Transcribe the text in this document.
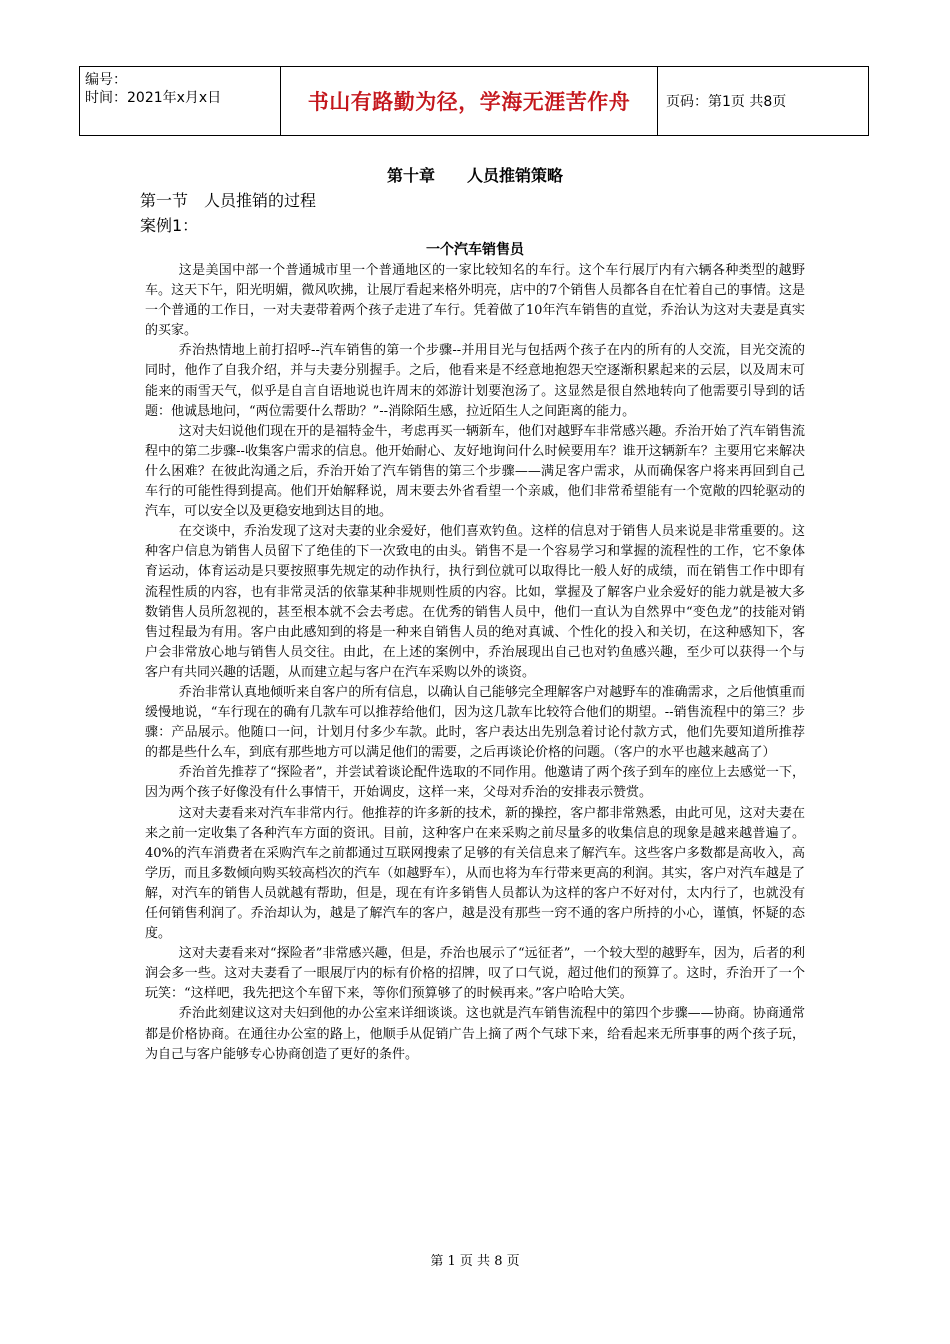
编号：
时间：2021年x月x日	书山有路勤为径，学海无涯苦作舟	页码：第1页 共8页
第十章　　人员推销策略
第一节　人员推销的过程
案例1：
一个汽车销售员

这是美国中部一个普通城市里一个普通地区的一家比较知名的车行。这个车行展厅内有六辆各种类型的越野车。这天下午，阳光明媚，微风吹拂，让展厅看起来格外明亮，店中的7个销售人员都各自在忙着自己的事情。这是一个普通的工作日，一对夫妻带着两个孩子走进了车行。凭着做了10年汽车销售的直觉，乔治认为这对夫妻是真实的买家。

乔治热情地上前打招呼--汽车销售的第一个步骤--并用目光与包括两个孩子在内的所有的人交流，目光交流的同时，他作了自我介绍，并与夫妻分别握手。之后，他看来是不经意地抱怨天空逐渐积累起来的云层，以及周末可能来的雨雪天气，似乎是自言自语地说也许周末的郊游计划要泡汤了。这显然是很自然地转向了他需要引导到的话题：他诚恳地问，“两位需要什么帮助？”--消除陌生感，拉近陌生人之间距离的能力。

这对夫妇说他们现在开的是福特金牛，考虑再买一辆新车，他们对越野车非常感兴趣。乔治开始了汽车销售流程中的第二步骤--收集客户需求的信息。他开始耐心、友好地询问什么时候要用车？谁开这辆新车？主要用它来解决什么困难？在彼此沟通之后，乔治开始了汽车销售的第三个步骤——满足客户需求，从而确保客户将来再回到自己车行的可能性得到提高。他们开始解释说，周末要去外省看望一个亲戚，他们非常希望能有一个宽敞的四轮驱动的汽车，可以安全以及更稳安地到达目的地。

在交谈中，乔治发现了这对夫妻的业余爱好，他们喜欢钓鱼。这样的信息对于销售人员来说是非常重要的。这种客户信息为销售人员留下了绝佳的下一次致电的由头。销售不是一个容易学习和掌握的流程性的工作，它不象体育运动，体育运动是只要按照事先规定的动作执行，执行到位就可以取得比一般人好的成绩，而在销售工作中即有流程性质的内容，也有非常灵活的依靠某种非规则性质的内容。比如，掌握及了解客户业余爱好的能力就是被大多数销售人员所忽视的，甚至根本就不会去考虑。在优秀的销售人员中，他们一直认为自然界中“变色龙”的技能对销售过程最为有用。客户由此感知到的将是一种来自销售人员的绝对真诚、个性化的投入和关切，在这种感知下，客户会非常放心地与销售人员交往。由此，在上述的案例中，乔治展现出自己也对钓鱼感兴趣，至少可以获得一个与客户有共同兴趣的话题，从而建立起与客户在汽车采购以外的谈资。

乔治非常认真地倾听来自客户的所有信息，以确认自己能够完全理解客户对越野车的准确需求，之后他慎重而缓慢地说，“车行现在的确有几款车可以推荐给他们，因为这几款车比较符合他们的期望。--销售流程中的第三？步骤：产品展示。他随口一问，计划月付多少车款。此时，客户表达出先别急着讨论付款方式，他们先要知道所推荐的都是些什么车，到底有那些地方可以满足他们的需要，之后再谈论价格的问题。（客户的水平也越来越高了）

乔治首先推荐了“探险者”，并尝试着谈论配件选取的不同作用。他邀请了两个孩子到车的座位上去感觉一下，因为两个孩子好像没有什么事情干，开始调皮，这样一来，父母对乔治的安排表示赞赏。

这对夫妻看来对汽车非常内行。他推荐的许多新的技术，新的操控，客户都非常熟悉，由此可见，这对夫妻在来之前一定收集了各种汽车方面的资讯。目前，这种客户在来采购之前尽量多的收集信息的现象是越来越普遍了。40%的汽车消费者在采购汽车之前都通过互联网搜索了足够的有关信息来了解汽车。这些客户多数都是高收入，高学历，而且多数倾向购买较高档次的汽车（如越野车），从而也将为车行带来更高的利润。其实，客户对汽车越是了解，对汽车的销售人员就越有帮助，但是，现在有许多销售人员都认为这样的客户不好对付，太内行了，也就没有任何销售利润了。乔治却认为，越是了解汽车的客户，越是没有那些一窍不通的客户所持的小心，谨慎，怀疑的态度。

这对夫妻看来对“探险者”非常感兴趣，但是，乔治也展示了“远征者”，一个较大型的越野车，因为，后者的利润会多一些。这对夫妻看了一眼展厅内的标有价格的招牌，叹了口气说，超过他们的预算了。这时，乔治开了一个玩笑：“这样吧，我先把这个车留下来，等你们预算够了的时候再来。”客户哈哈大笑。

乔治此刻建议这对夫妇到他的办公室来详细谈谈。这也就是汽车销售流程中的第四个步骤——协商。协商通常都是价格协商。在通往办公室的路上，他顺手从促销广告上摘了两个气球下来，给看起来无所事事的两个孩子玩，为自己与客户能够专心协商创造了更好的条件。

第 1 页 共 8 页
